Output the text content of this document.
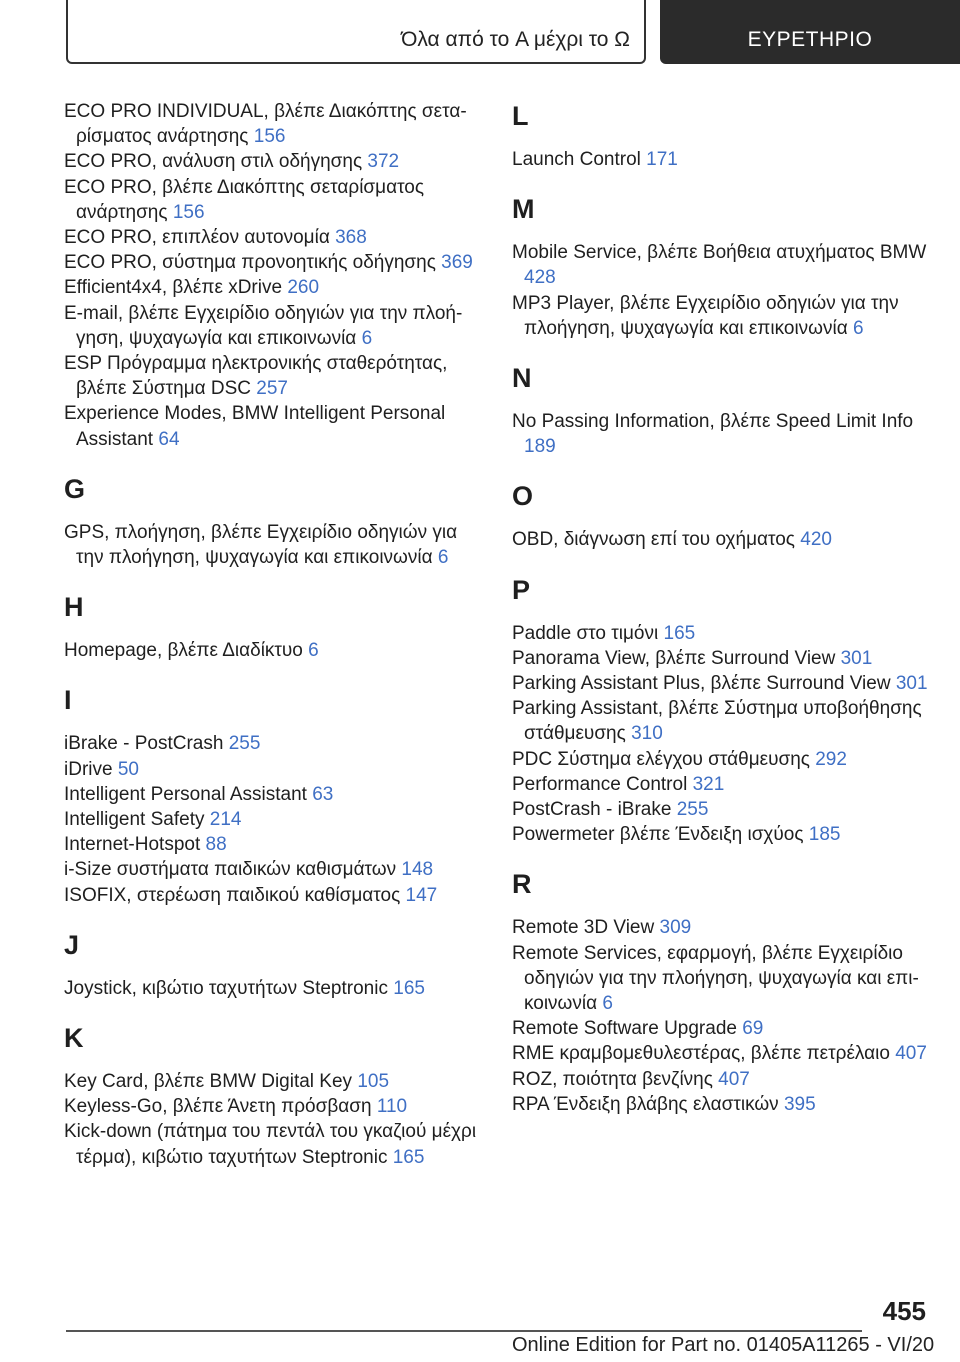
Όλα από το A μέχρι το Ω	ΕΥΡΕΤΗΡΙΟ
ECO PRO INDIVIDUAL, βλέπε Διακόπτης σεταρίσματος ανάρτησης 156
ECO PRO, ανάλυση στιλ οδήγησης 372
ECO PRO, βλέπε Διακόπτης σεταρίσματος ανάρτησης 156
ECO PRO, επιπλέον αυτονομία 368
ECO PRO, σύστημα προνοητικής οδήγησης 369
Efficient4x4, βλέπε xDrive 260
E-mail, βλέπε Εγχειρίδιο οδηγιών για την πλοήγηση, ψυχαγωγία και επικοινωνία 6
ESP Πρόγραμμα ηλεκτρονικής σταθερότητας, βλέπε Σύστημα DSC 257
Experience Modes, BMW Intelligent Personal Assistant 64
G
GPS, πλοήγηση, βλέπε Εγχειρίδιο οδηγιών για την πλοήγηση, ψυχαγωγία και επικοινωνία 6
H
Homepage, βλέπε Διαδίκτυο 6
I
iBrake - PostCrash 255
iDrive 50
Intelligent Personal Assistant 63
Intelligent Safety 214
Internet-Hotspot 88
i-Size συστήματα παιδικών καθισμάτων 148
ISOFIX, στερέωση παιδικού καθίσματος 147
J
Joystick, κιβώτιο ταχυτήτων Steptronic 165
K
Key Card, βλέπε BMW Digital Key 105
Keyless-Go, βλέπε Άνετη πρόσβαση 110
Kick-down (πάτημα του πεντάλ του γκαζιού μέχρι τέρμα), κιβώτιο ταχυτήτων Steptronic 165
L
Launch Control 171
M
Mobile Service, βλέπε Βοήθεια ατυχήματος BMW 428
MP3 Player, βλέπε Εγχειρίδιο οδηγιών για την πλοήγηση, ψυχαγωγία και επικοινωνία 6
N
No Passing Information, βλέπε Speed Limit Info 189
O
OBD, διάγνωση επί του οχήματος 420
P
Paddle στο τιμόνι 165
Panorama View, βλέπε Surround View 301
Parking Assistant Plus, βλέπε Surround View 301
Parking Assistant, βλέπε Σύστημα υποβοήθησης στάθμευσης 310
PDC Σύστημα ελέγχου στάθμευσης 292
Performance Control 321
PostCrash - iBrake 255
Powermeter βλέπε Ένδειξη ισχύος 185
R
Remote 3D View 309
Remote Services, εφαρμογή, βλέπε Εγχειρίδιο οδηγιών για την πλοήγηση, ψυχαγωγία και επικοινωνία 6
Remote Software Upgrade 69
RME κραμβομεθυλεστέρας, βλέπε πετρέλαιο 407
ROZ, ποιότητα βενζίνης 407
RPA Ένδειξη βλάβης ελαστικών 395
455
Online Edition for Part no. 01405A11265 - VI/20
